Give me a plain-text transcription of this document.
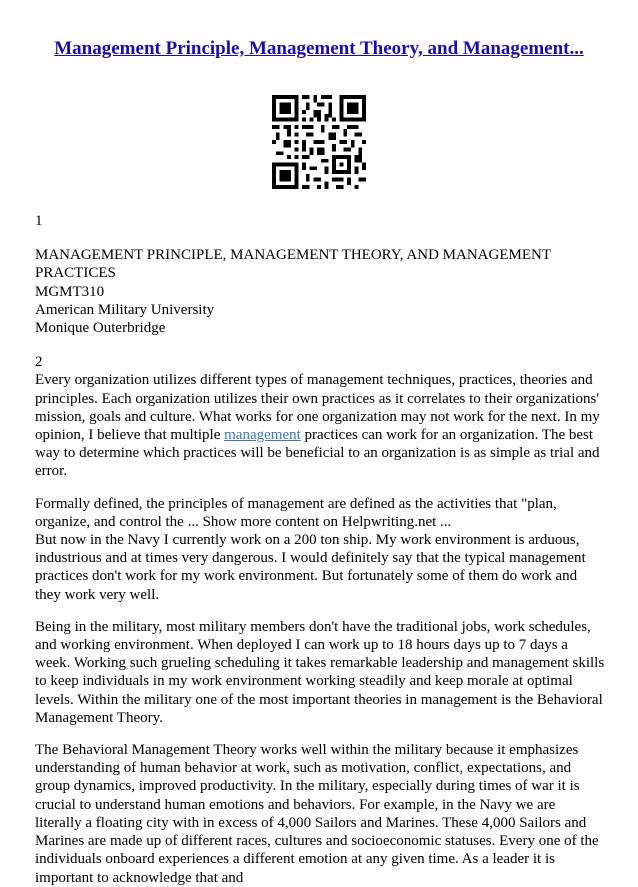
Management Principle, Management Theory, and Management...

1

MANAGEMENT PRINCIPLE, MANAGEMENT THEORY, AND MANAGEMENT PRACTICES

MGMT310

American Military University

Monique Outerbridge

2

Every organization utilizes different types of management techniques, practices, theories and principles. Each organization utilizes their own practices as it correlates to their organizations' mission, goals and culture. What works for one organization may not work for the next. In my opinion, I believe that multiple management practices can work for an organization. The best way to determine which practices will be beneficial to an organization is as simple as trial and error.

Formally defined, the principles of management are defined as the activities that "plan, organize, and control the ... Show more content on Helpwriting.net ...

But now in the Navy I currently work on a 200 ton ship. My work environment is arduous, industrious and at times very dangerous. I would definitely say that the typical management practices don't work for my work environment. But fortunately some of them do work and they work very well.

Being in the military, most military members don't have the traditional jobs, work schedules, and working environment. When deployed I can work up to 18 hours days up to 7 days a week. Working such grueling scheduling it takes remarkable leadership and management skills to keep individuals in my work environment working steadily and keep morale at optimal levels. Within the military one of the most important theories in management is the Behavioral Management Theory.

The Behavioral Management Theory works well within the military because it emphasizes understanding of human behavior at work, such as motivation, conflict, expectations, and group dynamics, improved productivity. In the military, especially during times of war it is crucial to understand human emotions and behaviors. For example, in the Navy we are literally a floating city with in excess of 4,000 Sailors and Marines. These 4,000 Sailors and Marines are made up of different races, cultures and socioeconomic statuses. Every one of the individuals onboard experiences a different emotion at any given time. As a leader it is important to acknowledge that and
